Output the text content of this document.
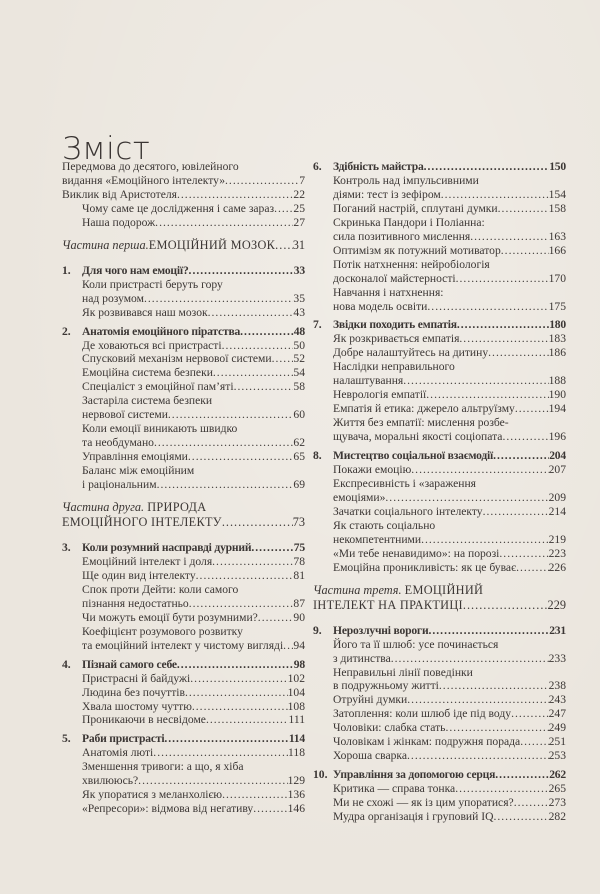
Зміст
Передмова до десятого, ювілейного
видання «Емоційного інтелекту» .....	7
Виклик від Аристотеля .....	22
Чому саме це дослідження і саме зараз ..... 25
Наша подорож .....	27
Частина перша. ЕМОЦІЙНИЙ МОЗОК ..... 31
1. Для чого нам емоції? .....	33
Коли пристрасті беруть гору
над розумом .....	35
Як розвивався наш мозок .....	43
2. Анатомія емоційного піратства .....	48
Де ховаються всі пристрасті .....	50
Спусковий механізм нервової системи ..... 52
Емоційна система безпеки .....	54
Спеціаліст з емоційної пам’яті .....	58
Застаріла система безпеки
нервової системи .....	60
Коли емоції виникають швидко
та необдумано .....	62
Управління емоціями .....	65
Баланс між емоційним
і раціональним .....	69
Частина друга.
ПРИРОДА
ЕМОЦІЙНОГО ІНТЕЛЕКТУ .....	73
3. Коли розумний насправді дурний .....	75
Емоційний інтелект і доля .....	78
Ще один вид інтелекту .....	81
Спок проти Дейти: коли самого
пізнання недостатньо .....	87
Чи можуть емоції бути розумними? .....	90
Коефіцієнт розумового розвитку
та емоційний інтелект у чистому вигляді ..... 94
4. Пізнай самого себе .....	98
Пристрасні й байдужі .....	102
Людина без почуттів .....	104
Хвала шостому чуттю .....	108
Проникаючи в несвідоме .....	111
5. Раби пристрасті .....	114
Анатомія люті .....	118
Зменшення тривоги: а що, я хіба
хвилююсь? .....	129
Як упоратися з меланхолією .....	136
«Репресори»: відмова від негативу .....	146
6. Здібність майстра .....	150
Контроль над імпульсивними
діями: тест із зефіром .....	154
Поганий настрій, сплутані думки .....	158
Скринька Пандори і Поліанна:
сила позитивного мислення .....	163
Оптимізм як потужний мотиватор .....	166
Потік натхнення: нейробіологія
досконалої майстерності .....	170
Навчання і натхнення:
нова модель освіти .....	175
7. Звідки походить емпатія .....	180
Як розкривається емпатія .....	183
Добре налаштуйтесь на дитину .....	186
Наслідки неправильного
налаштування .....	188
Неврологія емпатії .....	190
Емпатія й етика: джерело альтруїзму .....	194
Життя без емпатії: мислення розбе-
щувача, моральні якості соціопата .....	196
8. Мистецтво соціальної взаємодії .....	204
Покажи емоцію .....	207
Експресивність і «зараження
емоціями» .....	209
Зачатки соціального інтелекту .....	214
Як стають соціально
некомпетентними .....	219
«Ми тебе ненавидимо»: на порозі .....	223
Емоційна проникливість: як це буває .....	226
Частина третя.
ЕМОЦІЙНИЙ
ІНТЕЛЕКТ НА ПРАКТИЦІ .....	229
9. Нерозлучні вороги .....	231
Його та її шлюб: усе починається
з дитинства .....	233
Неправильні лінії поведінки
в подружньому житті .....	238
Отруйні думки .....	243
Затоплення: коли шлюб іде під воду .....	247
Чоловіки: слабка стать .....	249
Чоловікам і жінкам: подружня порада ..... 251
Хороша сварка .....	253
10. Управління за допомогою серця .....	262
Критика — справа тонка .....	265
Ми не схожі — як із цим упоратися? .....	273
Мудра організація і груповий IQ .....	282
